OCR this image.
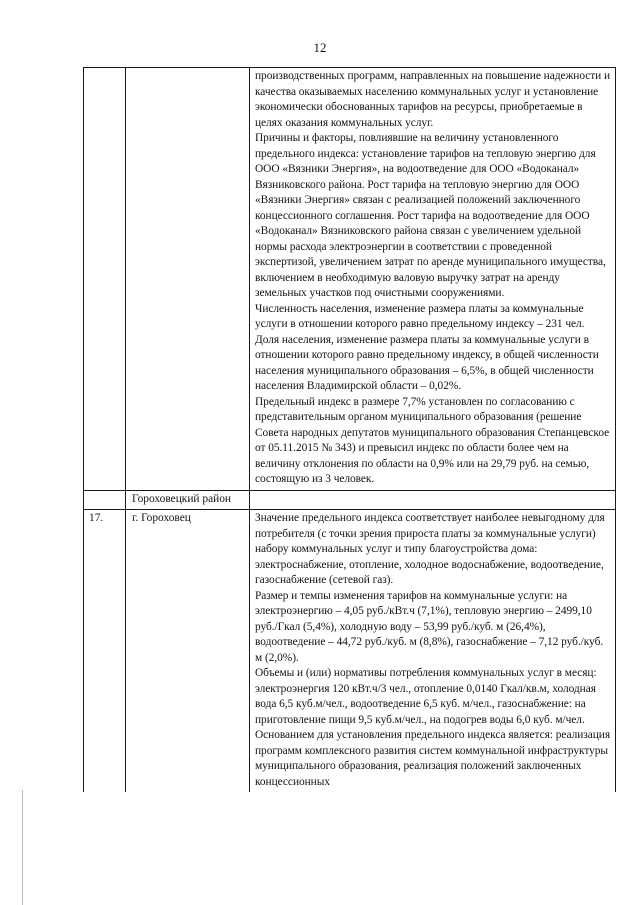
12

		производственных программ, направленных на повышение надежности и качества оказываемых населению коммунальных услуг и установление экономически обоснованных тарифов на ресурсы, приобретаемые в целях оказания коммунальных услуг.
Причины и факторы, повлиявшие на величину установленного предельного индекса: установление тарифов на тепловую энергию для ООО «Вязники Энергия», на водоотведение для ООО «Водоканал» Вязниковского района. Рост тарифа на тепловую энергию для ООО «Вязники Энергия» связан с реализацией положений заключенного концессионного соглашения. Рост тарифа на водоотведение для ООО «Водоканал» Вязниковского района связан с увеличением удельной нормы расхода электроэнергии в соответствии с проведенной экспертизой, увеличением затрат по аренде муниципального имущества, включением в необходимую валовую выручку затрат на аренду земельных участков под очистными сооружениями.
Численность населения, изменение размера платы за коммунальные услуги в отношении которого равно предельному индексу – 231 чел.
Доля населения, изменение размера платы за коммунальные услуги в отношении которого равно предельному индексу, в общей численности населения муниципального образования – 6,5%, в общей численности населения Владимирской области – 0,02%.
Предельный индекс в размере 7,7% установлен по согласованию с представительным органом муниципального образования (решение Совета народных депутатов муниципального образования Степанцевское от 05.11.2015 № 343) и превысил индекс по области более чем на величину отклонения по области на 0,9% или на 29,79 руб. на семью, состоящую из 3 человек.

	Гороховецкий район	
17.	г. Гороховец	Значение предельного индекса соответствует наиболее невыгодному для потребителя (с точки зрения прироста платы за коммунальные услуги) набору коммунальных услуг и типу благоустройства дома: электроснабжение, отопление, холодное водоснабжение, водоотведение, газоснабжение (сетевой газ).
Размер и темпы изменения тарифов на коммунальные услуги: на электроэнергию – 4,05 руб./кВт.ч (7,1%), тепловую энергию – 2499,10 руб./Гкал (5,4%), холодную воду – 53,99 руб./куб. м (26,4%), водоотведение – 44,72 руб./куб. м (8,8%), газоснабжение – 7,12 руб./куб. м (2,0%).
Объемы и (или) нормативы потребления коммунальных услуг в месяц: электроэнергия 120 кВт.ч/3 чел., отопление 0,0140 Гкал/кв.м, холодная вода 6,5 куб.м/чел., водоотведение 6,5 куб. м/чел., газоснабжение: на приготовление пищи 9,5 куб.м/чел., на подогрев воды 6,0 куб. м/чел.
Основанием для установления предельного индекса является: реализация программ комплексного развития систем коммунальной инфраструктуры муниципального образования, реализация положений заключенных концессионных
